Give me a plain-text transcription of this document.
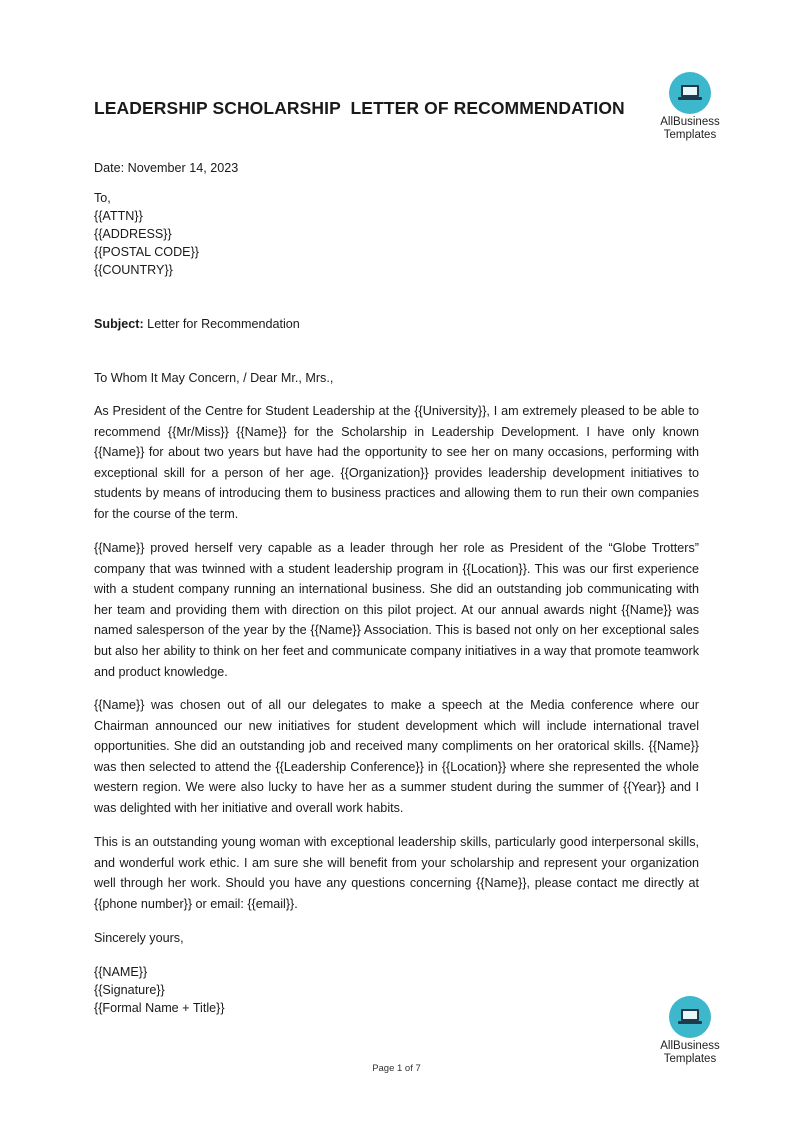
LEADERSHIP SCHOLARSHIP  LETTER OF RECOMMENDATION
AllBusiness
Templates
Date: November 14, 2023
To,
{{ATTN}}
{{ADDRESS}}
{{POSTAL CODE}}
{{COUNTRY}}
Subject: Letter for Recommendation
To Whom It May Concern, / Dear Mr., Mrs.,
As President of the Centre for Student Leadership at the {{University}}, I am extremely pleased to be able to recommend {{Mr/Miss}} {{Name}} for the Scholarship in Leadership Development. I have only known {{Name}} for about two years but have had the opportunity to see her on many occasions, performing with exceptional skill for a person of her age. {{Organization}} provides leadership development initiatives to students by means of introducing them to business practices and allowing them to run their own companies for the course of the term.
{{Name}} proved herself very capable as a leader through her role as President of the “Globe Trotters” company that was twinned with a student leadership program in {{Location}}. This was our first experience with a student company running an international business. She did an outstanding job communicating with her team and providing them with direction on this pilot project. At our annual awards night {{Name}} was named salesperson of the year by the {{Name}} Association. This is based not only on her exceptional sales but also her ability to think on her feet and communicate company initiatives in a way that promote teamwork and product knowledge.
{{Name}} was chosen out of all our delegates to make a speech at the Media conference where our Chairman announced our new initiatives for student development which will include international travel opportunities. She did an outstanding job and received many compliments on her oratorical skills. {{Name}} was then selected to attend the {{Leadership Conference}} in {{Location}} where she represented the whole western region. We were also lucky to have her as a summer student during the summer of {{Year}} and I was delighted with her initiative and overall work habits.
This is an outstanding young woman with exceptional leadership skills, particularly good interpersonal skills, and wonderful work ethic. I am sure she will benefit from your scholarship and represent your organization well through her work. Should you have any questions concerning {{Name}}, please contact me directly at {{phone number}} or email: {{email}}.
Sincerely yours,
{{NAME}}
{{Signature}}
{{Formal Name + Title}}
AllBusiness
Templates
Page 1 of 7
